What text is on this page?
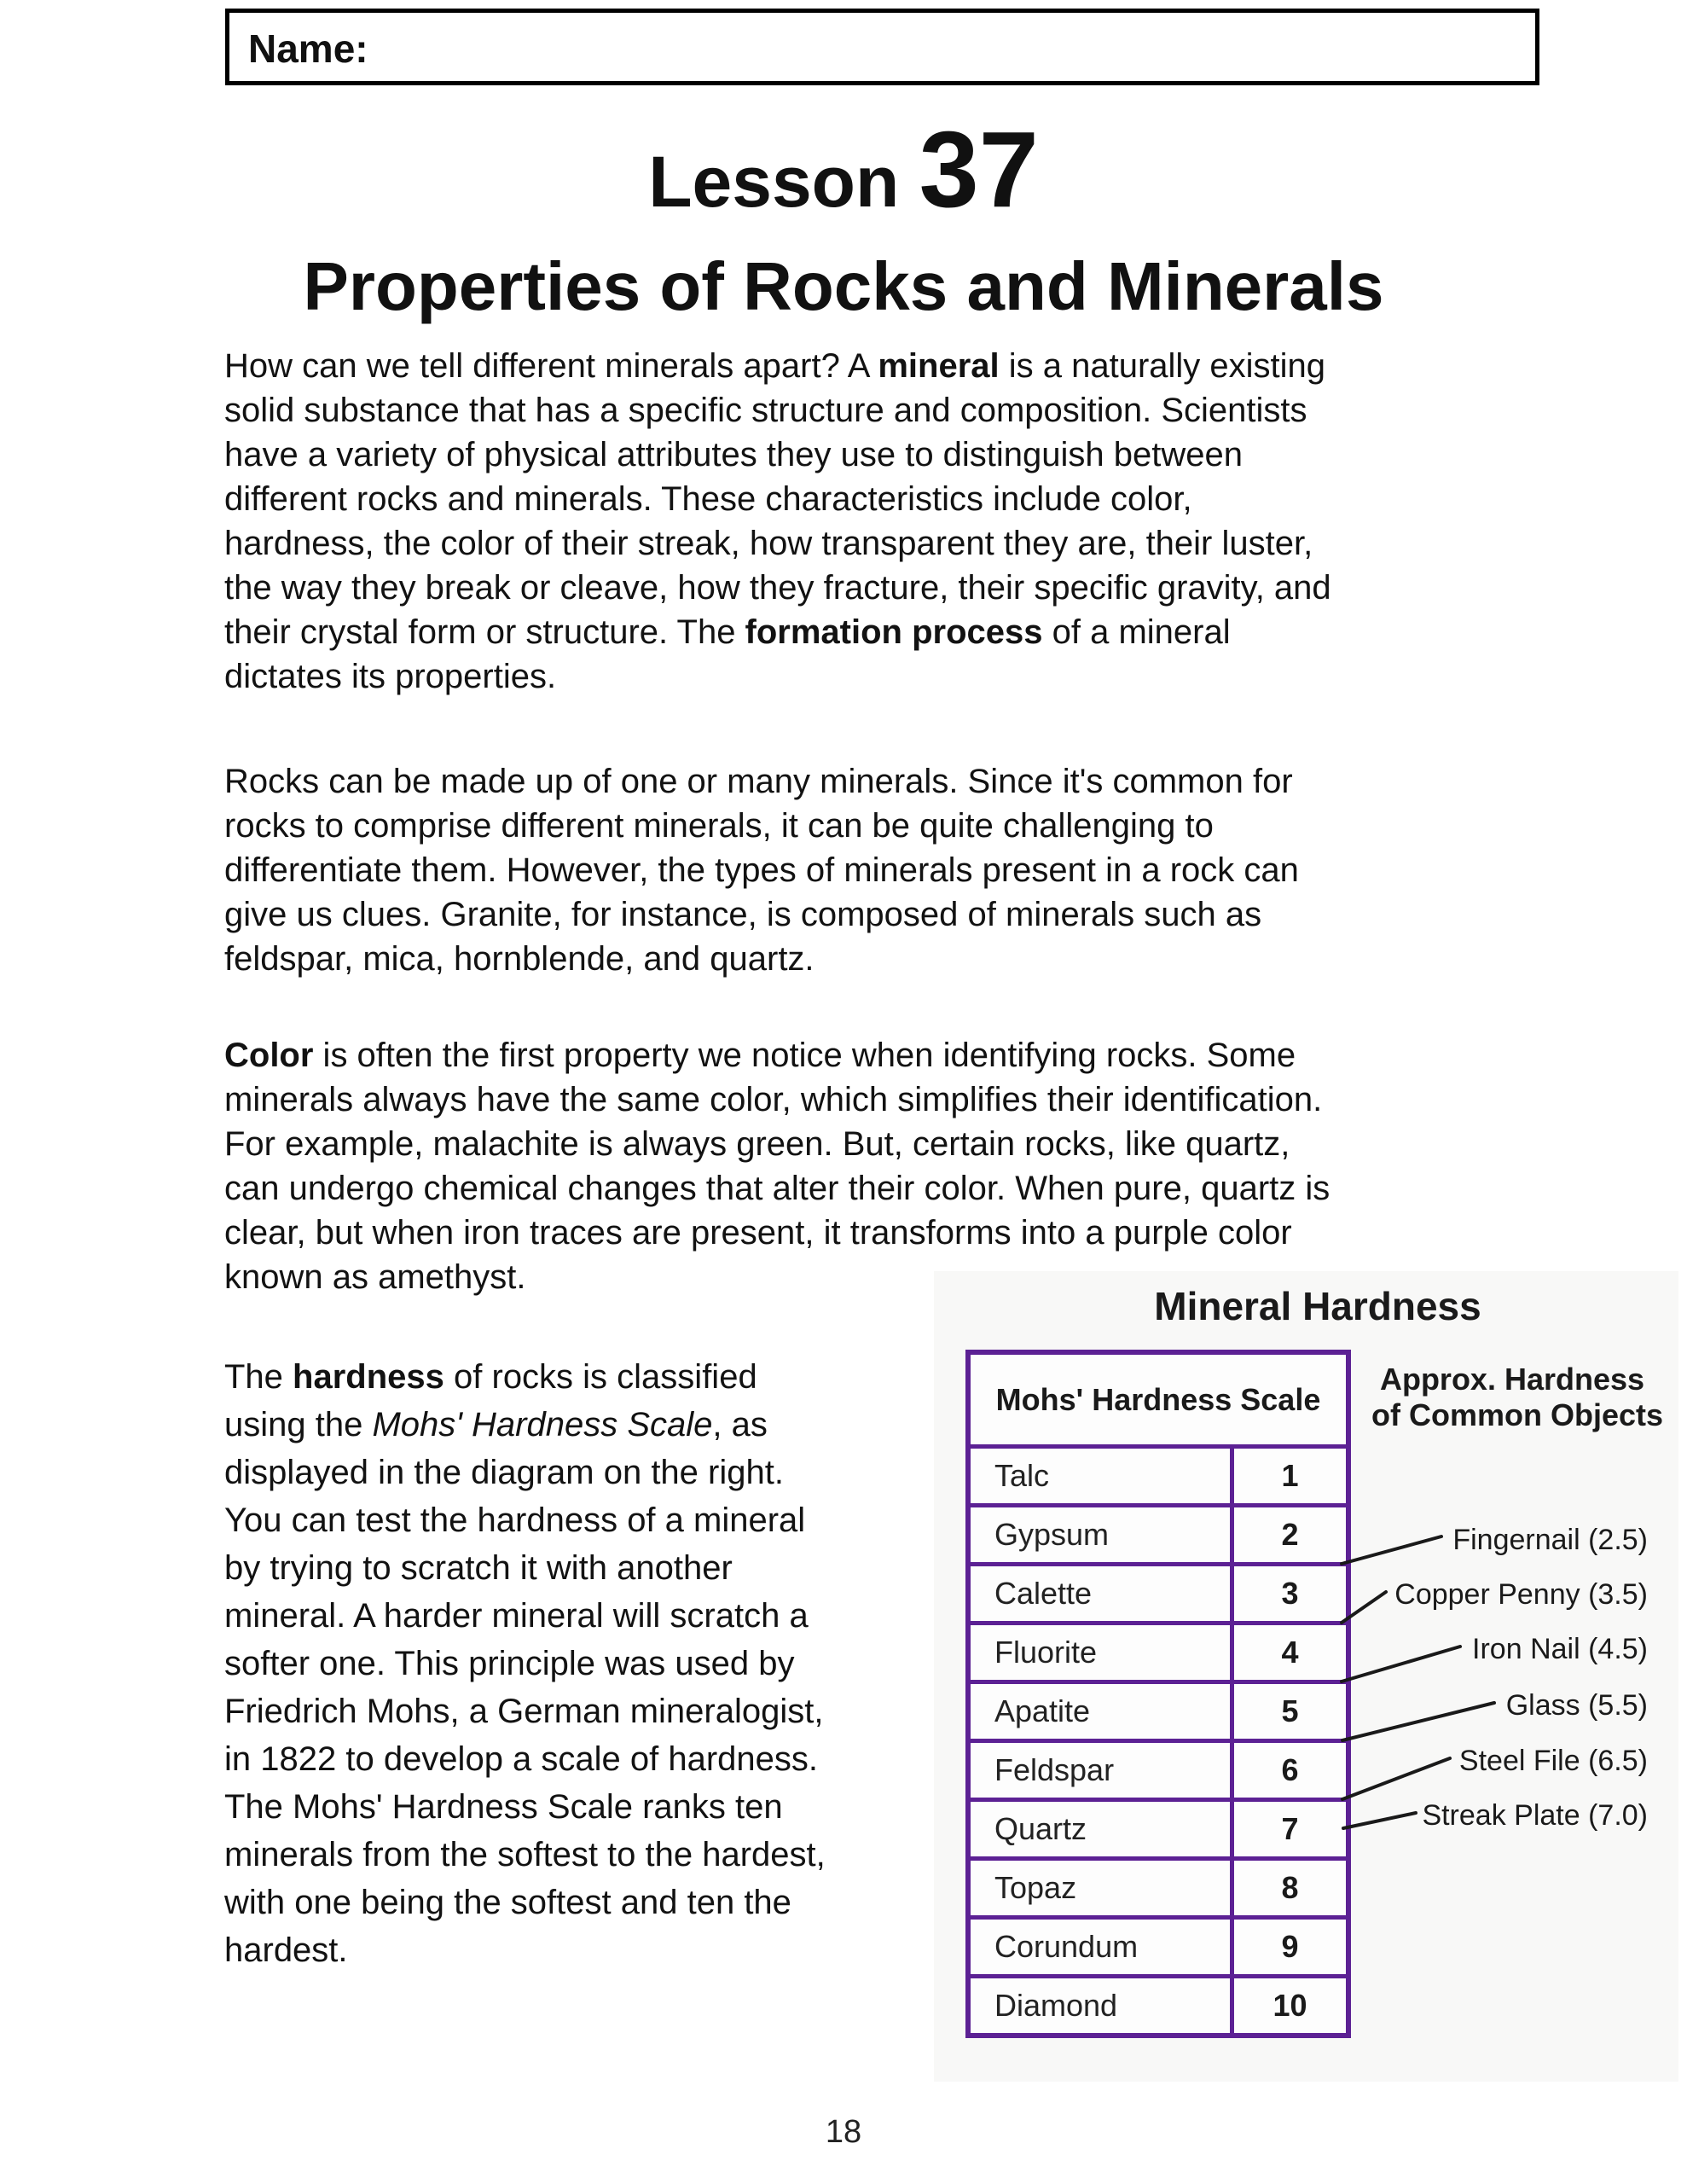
Name:
Lesson 37
Properties of Rocks and Minerals
How can we tell different minerals apart? A mineral is a naturally existing
solid substance that has a specific structure and composition. Scientists
have a variety of physical attributes they use to distinguish between
different rocks and minerals. These characteristics include color,
hardness, the color of their streak, how transparent they are, their luster,
the way they break or cleave, how they fracture, their specific gravity, and
their crystal form or structure. The formation process of a mineral
dictates its properties.
Rocks can be made up of one or many minerals. Since it's common for
rocks to comprise different minerals, it can be quite challenging to
differentiate them. However, the types of minerals present in a rock can
give us clues. Granite, for instance, is composed of minerals such as
feldspar, mica, hornblende, and quartz.
Color is often the first property we notice when identifying rocks. Some
minerals always have the same color, which simplifies their identification.
For example, malachite is always green. But, certain rocks, like quartz,
can undergo chemical changes that alter their color. When pure, quartz is
clear, but when iron traces are present, it transforms into a purple color
known as amethyst.
The hardness of rocks is classified
using the Mohs' Hardness Scale, as
displayed in the diagram on the right.
You can test the hardness of a mineral
by trying to scratch it with another
mineral. A harder mineral will scratch a
softer one. This principle was used by
Friedrich Mohs, a German mineralogist,
in 1822 to develop a scale of hardness.
The Mohs' Hardness Scale ranks ten
minerals from the softest to the hardest,
with one being the softest and ten the
hardest.
Mineral Hardness
Mohs' Hardness Scale
Talc	1
Gypsum	2
Calette	3
Fluorite	4
Apatite	5
Feldspar	6
Quartz	7
Topaz	8
Corundum	9
Diamond	10
Approx. Hardness
of Common Objects
Fingernail (2.5)
Copper Penny (3.5)
Iron Nail (4.5)
Glass (5.5)
Steel File (6.5)
Streak Plate (7.0)
18
